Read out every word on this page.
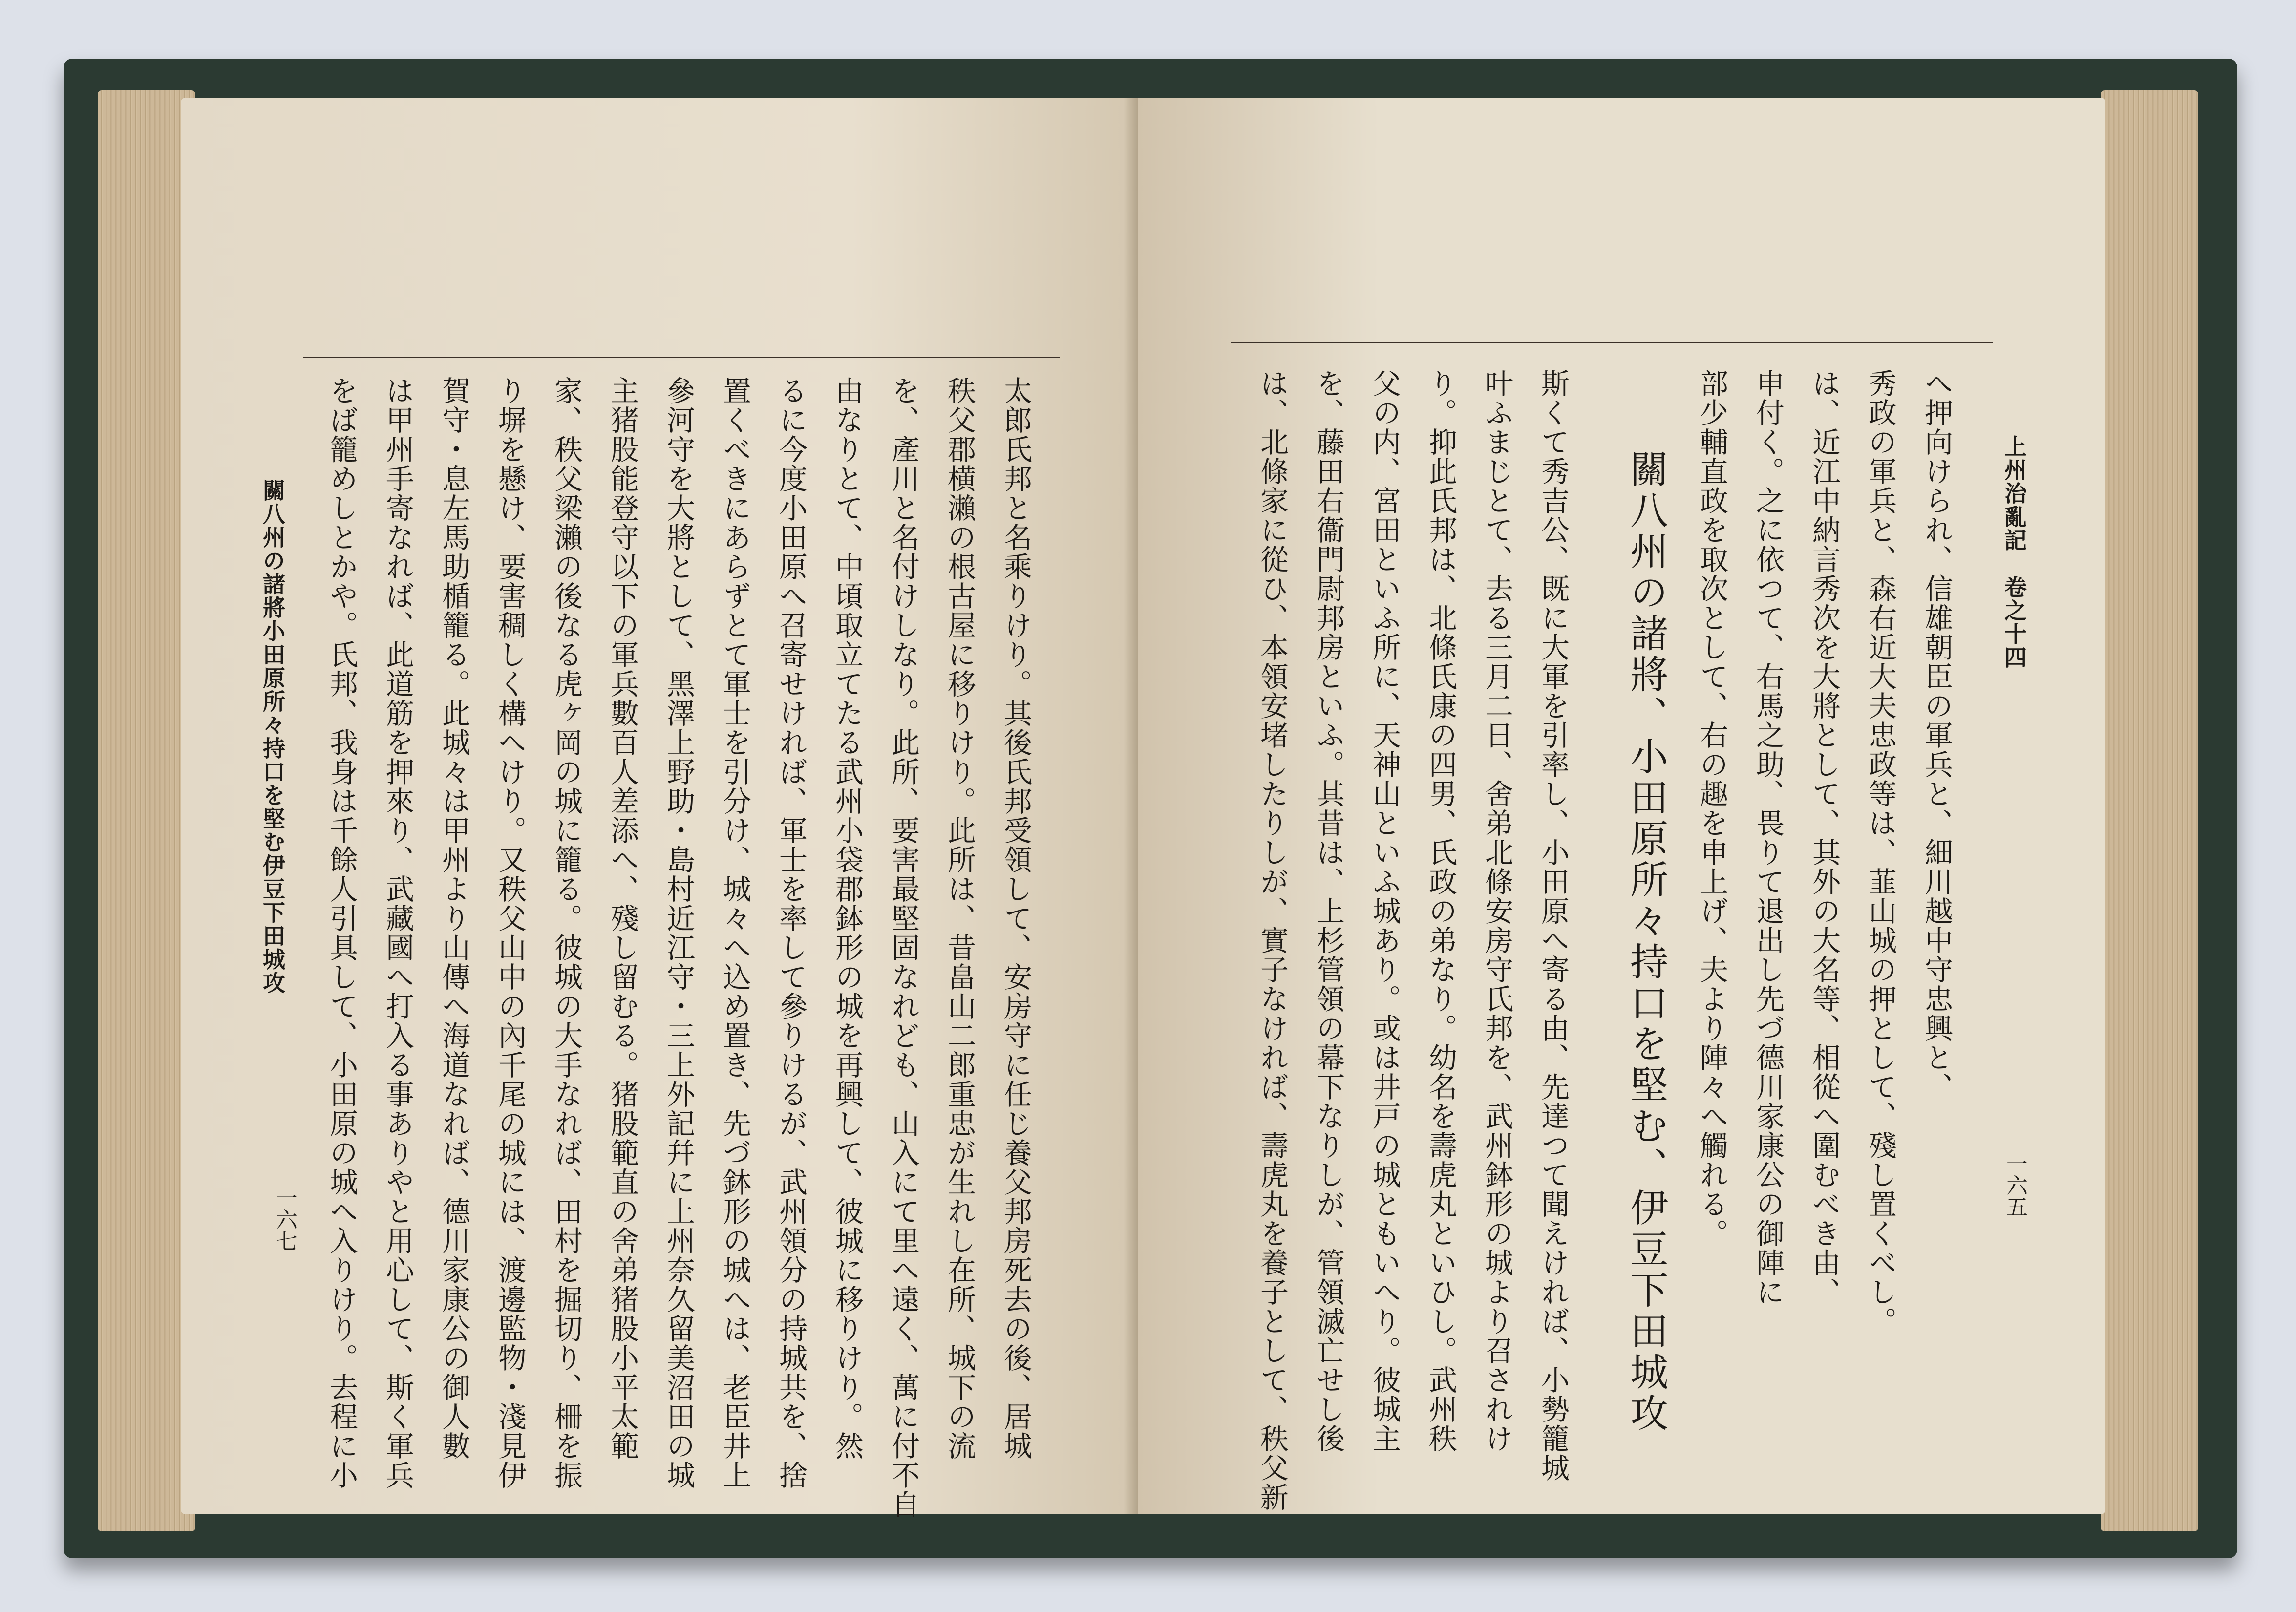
太郎氏邦と名乘りけり。其後氏邦受領して、安房守に任じ養父邦房死去の後、居城
秩父郡横瀨の根古屋に移りけり。此所は、昔畠山二郎重忠が生れし在所、城下の流
を、產川と名付けしなり。此所、要害最堅固なれども、山入にて里へ遠く、萬に付不自
由なりとて、中頃取立てたる武州小袋郡鉢形の城を再興して、彼城に移りけり。然
るに今度小田原へ召寄せければ、軍士を率して參りけるが、武州領分の持城共を、捨
置くべきにあらずとて軍士を引分け、城々へ込め置き、先づ鉢形の城へは、老臣井上
參河守を大將として、黑澤上野助・島村近江守・三上外記幷に上州奈久留美沼田の城
主猪股能登守以下の軍兵數百人差添へ、殘し留むる。猪股範直の舍弟猪股小平太範
家、秩父梁瀨の後なる虎ヶ岡の城に籠る。彼城の大手なれば、田村を掘切り、柵を振
り塀を懸け、要害稠しく構へけり。又秩父山中の內千尾の城には、渡邊監物・淺見伊
賀守・息左馬助楯籠る。此城々は甲州より山傳へ海道なれば、德川家康公の御人數
は甲州手寄なれば、此道筋を押來り、武藏國へ打入る事ありやと用心して、斯く軍兵
をば籠めしとかや。氏邦、我身は千餘人引具して、小田原の城へ入りけり。去程に小
關八州の諸將小田原所々持口を堅む伊豆下田城攻
一六七
上州治亂記　卷之十四
一六五
へ押向けられ、信雄朝臣の軍兵と、細川越中守忠興と、
秀政の軍兵と、森右近大夫忠政等は、韮山城の押として、殘し置くべし。
は、近江中納言秀次を大將として、其外の大名等、相從へ圍むべき由、
申付く。之に依つて、右馬之助、畏りて退出し先づ德川家康公の御陣に
部少輔直政を取次として、右の趣を申上げ、夫より陣々へ觸れる。
關八州の諸將、小田原所々持口を堅む、伊豆下田城攻
斯くて秀吉公、既に大軍を引率し、小田原へ寄る由、先達つて聞えければ、小勢籠城
叶ふまじとて、去る三月二日、舍弟北條安房守氏邦を、武州鉢形の城より召されけ
り。抑此氏邦は、北條氏康の四男、氏政の弟なり。幼名を壽虎丸といひし。武州秩
父の内、宮田といふ所に、天神山といふ城あり。或は井戸の城ともいへり。彼城主
を、藤田右衞門尉邦房といふ。其昔は、上杉管領の幕下なりしが、管領滅亡せし後
は、北條家に從ひ、本領安堵したりしが、實子なければ、壽虎丸を養子として、秩父新
